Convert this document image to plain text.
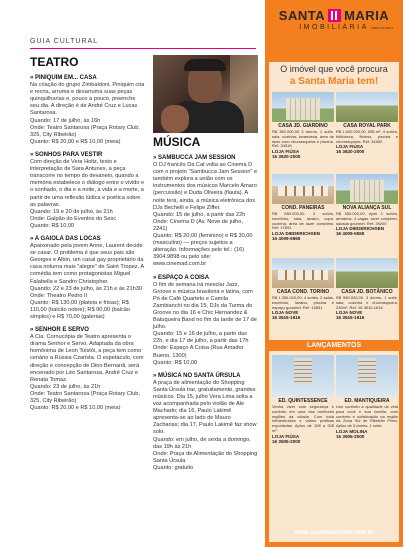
GUIA CULTURAL
TEATRO
» PINIQUIM EM... CASA
Na criação do grupo Zimbaldoni, Piniquim cria e recria, arruma e desarruma suas peças quinquilharias e, pouco a pouco, preenche seu dia. A direção é de André Cruz e Lucas Santarosa.
Quando: 17 de julho, às 16h
Onde: Teatro Santarosa (Praça Rotary Club, 325, City Ribeirão)
Quanto: R$ 20,00 e R$ 10,00 (meia)
» SONHOS PARA VESTIR
Com direção de Vera Holtz, texto e interpretação de Sara Antunes, a peça transcorre no tempo do devaneio, quando a memória estabelece o diálogo entre o vivido e o sonhado, o dia e a noite, a vida e a morte, a partir de uma reflexão lúdica e poética sobre as palavras.
Quando: 19 e 20 de julho, às 21h
Onde: Galpão do Eventos do Sesc
Quanto: R$ 10,00
» A GAIOLA DAS LOCAS
Apaixonado pela jovem Anne, Laurent decide se casar. O problema é que seus pais são Georges e Albin, um casal gay proprietário da casa noturna mais "alegre" de Saint Tropez. A comédia tem como protagonistas Miguel Falabella e Sandro Christopher.
Quando: 22 e 23 de julho, às 21h e às 21h30
Onde: Theatro Pedro II
Quanto: R$ 130,00 (plateia e frisas); R$ 110,00 (balcão nobre); R$ 90,00 (balcão simples) e R$ 70,00 (galerias)
» SENHOR E SERVO
A Cia. Cornucópia de Teatro apresenta o drama Senhor e Servo. Adaptada da obra homônima de Leon Tolstói, a peça tem como cenário a Rússia Czarista. O espetáculo, com direção e concepção de Dino Bernardi, será encenado por Léo Santarosa, André Cruz e Renata Tomaz.
Quando: 23 de julho, às 21h
Onde: Teatro Santarosa (Praça Rotary Club, 325, City Ribeirão)
Quanto: R$ 20,00 e R$ 10,00 (meia)
MÚSICA
» SAMBUCCA JAM SESSION
O DJ francês Da Cat volta ao Cinema D com o projeto "Sambucca Jam Session" e também explora a união com os instrumentos dos músicos Marcelo Amaro (percussão) e Duda Oliveira (flauta). A noite terá, ainda, a música eletrônica dos DJs Bechelli e Felipe Ziffer.
Quando: 15 de julho, a partir das 22h
Onde: Cinema D (Av. Nove de julho, 2241)
Quanto: R$ 20,00 (feminino) e R$ 30,00 (masculino) — preços sujeitos a alteração. Informações pelo tel.: (16) 3904.9898 ou pelo site: www.cinemad.com.br
» ESPAÇO A COISA
O fim de semana irá mesclar Jazz, Groove e música brasileira e latina, com Pó de Café Quarteto e Camila Zambianchi no dia 15, DJs da Turma do Groove no dia 16 e Chic Hernandez & Batuqueira Band no fim da tarde de 17 de julho.
Quando: 15 e 16 de julho, a partir das 22h, e dia 17 de julho, a partir das 17h
Onde: Espaço A Coisa (Rua Amador Bueno, 1300)
Quanto: R$ 10,00
» MÚSICA NO SANTA ÚRSULA
A praça de alimentação do Shopping Santa Úrsula trar, gratuitamente, grandes músicos. Dia 15, julho Vera Lima solta a voz acompanhada pelo violão de Ale Machado; dia 16, Paulo Lakimê apresenta-se ao lado de Mauro Zacharias; dia 17, Paulo Lakimê faz show solo.
Quando: em julho, de sexta a domingo, das 19h às 21h
Onde: Praça de Alimentação do Shopping Santa Úrsula
Quanto: gratuito
SANTA MARIA
IMOBILIÁRIA CRECI 16.783-J
O imóvel que você procura
a Santa Maria tem!
CASA JD. GIARDINO
R$ 380.000,00 3 dorms, 1 suíte, sala, cozinha, lavanderia, área de lazer com churrasqueira e piscina. Ref. 34518
LOJA FIÚSA
16 3620-2000
CASA ROYAL PARK
R$ 1.600.000,00. 655 m², 4 suítes, biblioteca, fitness, piscina e churrasqueira. Ref. 34552
LOJA FIÚSA
16 3620-2000
COND. PANEIRAS
R$ 650.000,00. 3 suítes, escritório, sala, lavabo, copa, cozinha, área de lazer completa. Ref. 17691
LOJA DIEDERICHSEN
16 4009-5555
NOVA ALIANÇA SUL
R$ 350.000,00. Apto 2 suítes, armários, 4 vagas, lazer completo, sacada gourmet. Ref. 39200
LOJA DIEDERICHSEN
16 4009-5555
CASA COND. TORINO
R$ 1.350.000,00. 4 suítes, 2 salas, escritório, lavabo, piscina e espaço gourmet. Ref. 16551
LOJA NOVE
16 3516-1616
CASA JD. BOTÂNICO
R$ 580.000,00. 3 dorms, 1 suíte, sala, cozinha e churrasqueira, 230m². Ref. 16 3516-1616
LOJA NOVE
16 3516-1616
LANÇAMENTOS
ED. QUINTESSENCE
Venha viver com segurança e conforto em uma das melhores regiões da cidade. Com toda infraestrutura e vários práticas exportadas. Aptos de 108 a 328 m².
LOJA FIÚSA
16 3505-2000
ED. MANTIQUEIRA
Une conforto à qualidade de vida para você e sua família, com conforto e sofisticação na região da Zona Sul de Ribeirão Preto. Aptos de 3 dorms, 1 suíte.
LOJA MOLINA
16 3505-2000
www.santamariatem.com.br
